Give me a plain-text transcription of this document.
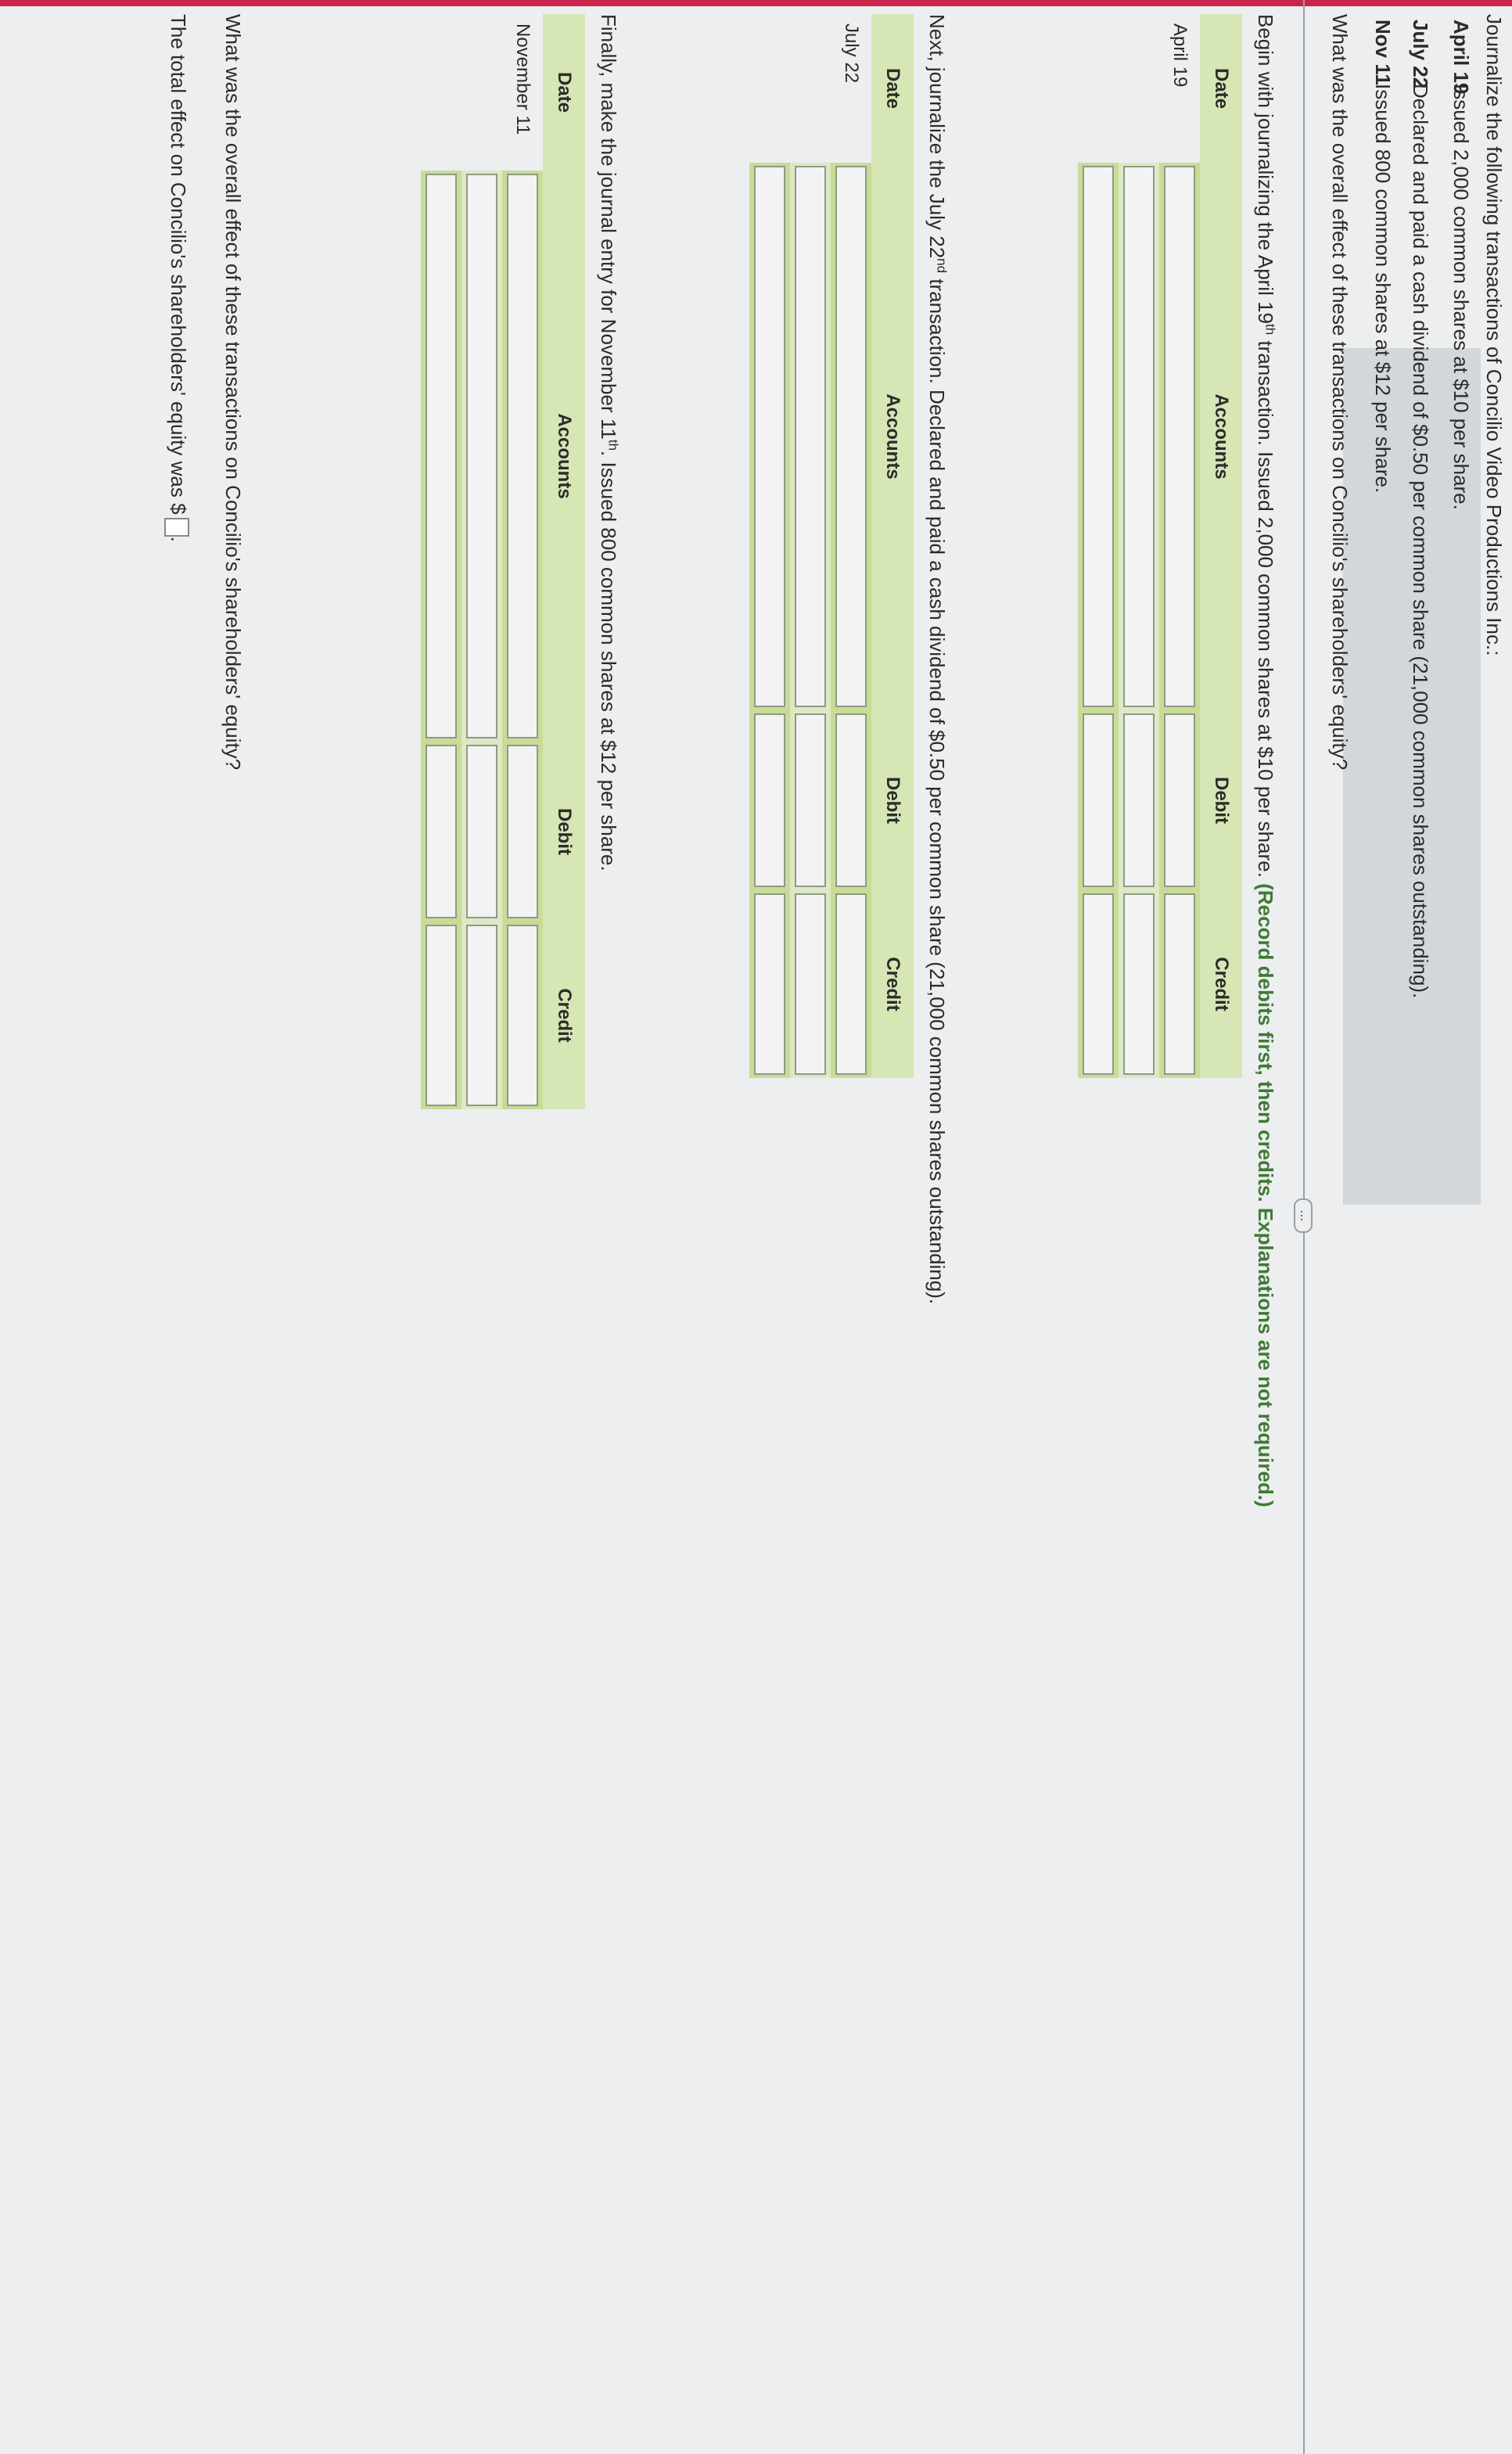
Journalize the following transactions of Concilio Video Productions Inc.:
April 19Issued 2,000 common shares at $10 per share.
July 22Declared and paid a cash dividend of $0.50 per common share (21,000 common shares outstanding).
Nov 11Issued 800 common shares at $12 per share.
What was the overall effect of these transactions on Concilio's shareholders' equity?
...
Begin with journalizing the April 19th transaction. Issued 2,000 common shares at $10 per share. (Record debits first, then credits. Explanations are not required.)
Date	Accounts	Debit	Credit
April 19	

Next, journalize the July 22nd transaction. Declared and paid a cash dividend of $0.50 per common share (21,000 common shares outstanding).
Date	Accounts	Debit	Credit
July 22	

Finally, make the journal entry for November 11th. Issued 800 common shares at $12 per share.
Date	Accounts	Debit	Credit
November 11	

What was the overall effect of these transactions on Concilio's shareholders' equity?
The total effect on Concilio's shareholders' equity was $.
